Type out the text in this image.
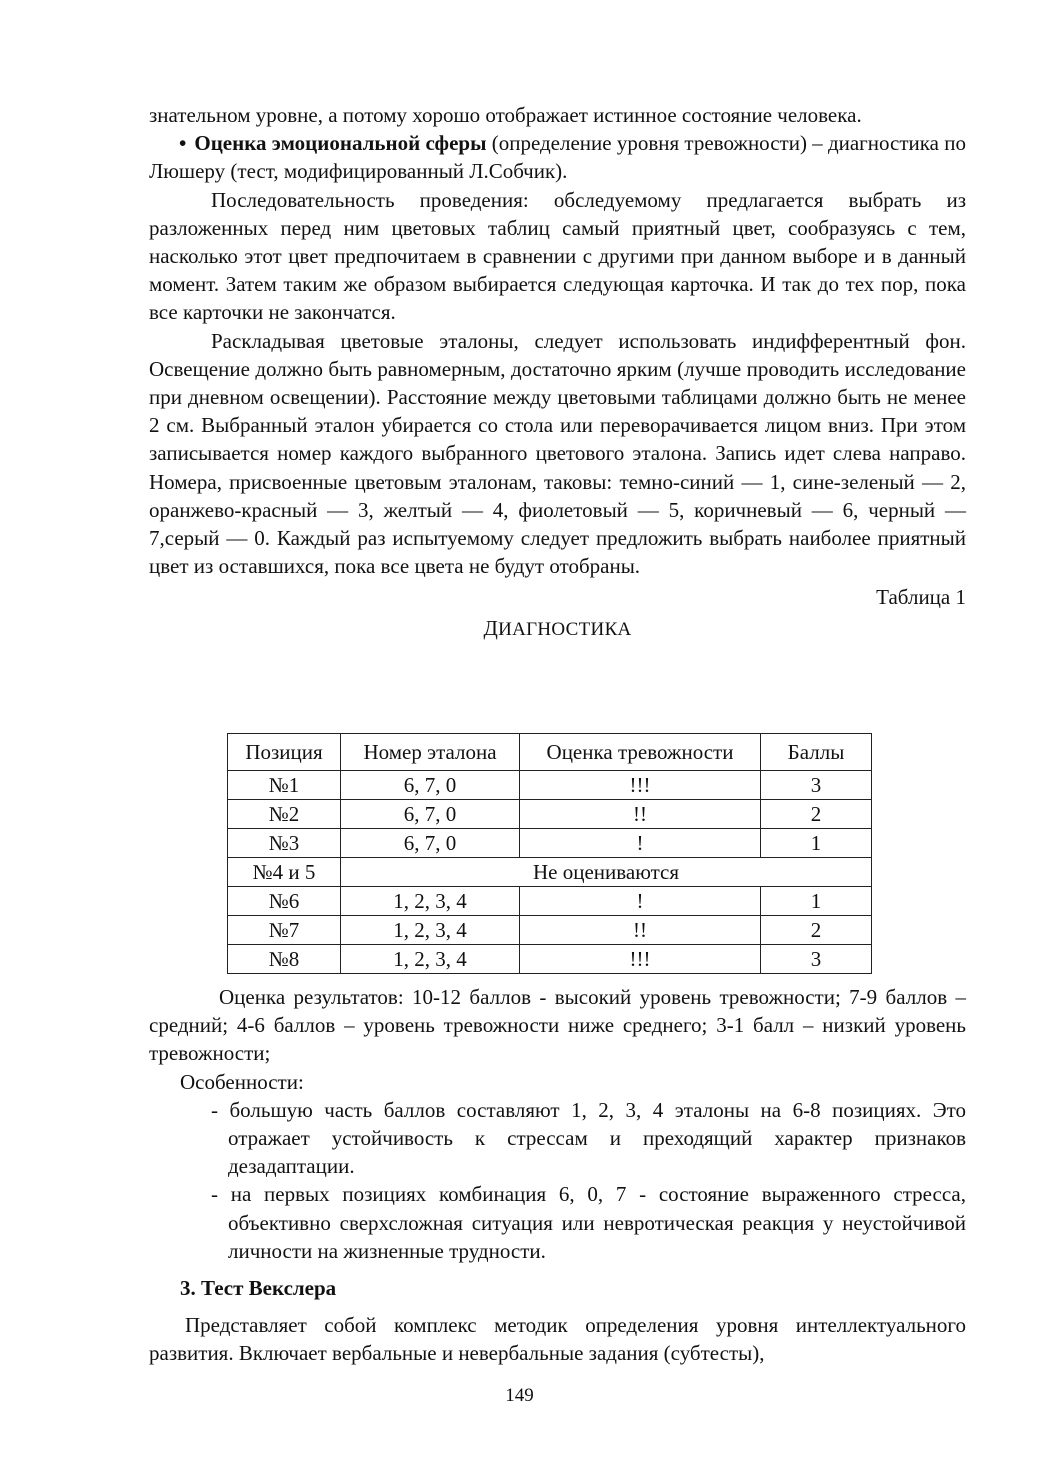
знательном уровне, а потому хорошо отображает истинное состояние человека.

• Оценка эмоциональной сферы (определение уровня тревожности) – диагностика по Люшеру (тест, модифицированный Л.Собчик).

Последовательность проведения: обследуемому предлагается выбрать из разложенных перед ним цветовых таблиц самый приятный цвет, сообразуясь с тем, насколько этот цвет предпочитаем в сравнении с другими при данном выборе и в данный момент. Затем таким же образом выбирается следующая карточка. И так до тех пор, пока все карточки не закончатся.

Раскладывая цветовые эталоны, следует использовать индифферентный фон. Освещение должно быть равномерным, достаточно ярким (лучше проводить исследование при дневном освещении). Расстояние между цветовыми таблицами должно быть не менее 2 см. Выбранный эталон убирается со стола или переворачивается лицом вниз. При этом записывается номер каждого выбранного цветового эталона. Запись идет слева направо. Номера, присвоенные цветовым эталонам, таковы: темно-синий — 1, сине-зеленый — 2, оранжево-красный — 3, желтый — 4, фиолетовый — 5, коричневый — 6, черный — 7,серый — 0. Каждый раз испытуемому следует предложить выбрать наиболее приятный цвет из оставшихся, пока все цвета не будут отобраны.

Таблица 1

ДИАГНОСТИКА

Позиция	Номер эталона	Оценка тревожности	Баллы
№1	6, 7, 0	!!!	3
№2	6, 7, 0	!!	2
№3	6, 7, 0	!	1
№4 и 5	Не оцениваются		
№6	1, 2, 3, 4	!	1
№7	1, 2, 3, 4	!!	2
№8	1, 2, 3, 4	!!!	3

Оценка результатов: 10-12 баллов - высокий уровень тревожности; 7-9 баллов – средний; 4-6 баллов – уровень тревожности ниже среднего; 3-1 балл – низкий уровень тревожности;

Особенности:

- большую часть баллов составляют 1, 2, 3, 4 эталоны на 6-8 позициях. Это отражает устойчивость к стрессам и преходящий характер признаков дезадаптации.

- на первых позициях комбинация 6, 0, 7 - состояние выраженного стресса, объективно сверхсложная ситуация или невротическая реакция у неустойчивой личности на жизненные трудности.

3. Тест Векслера

Представляет собой комплекс методик определения уровня интеллектуального развития. Включает вербальные и невербальные задания (субтесты),

149
